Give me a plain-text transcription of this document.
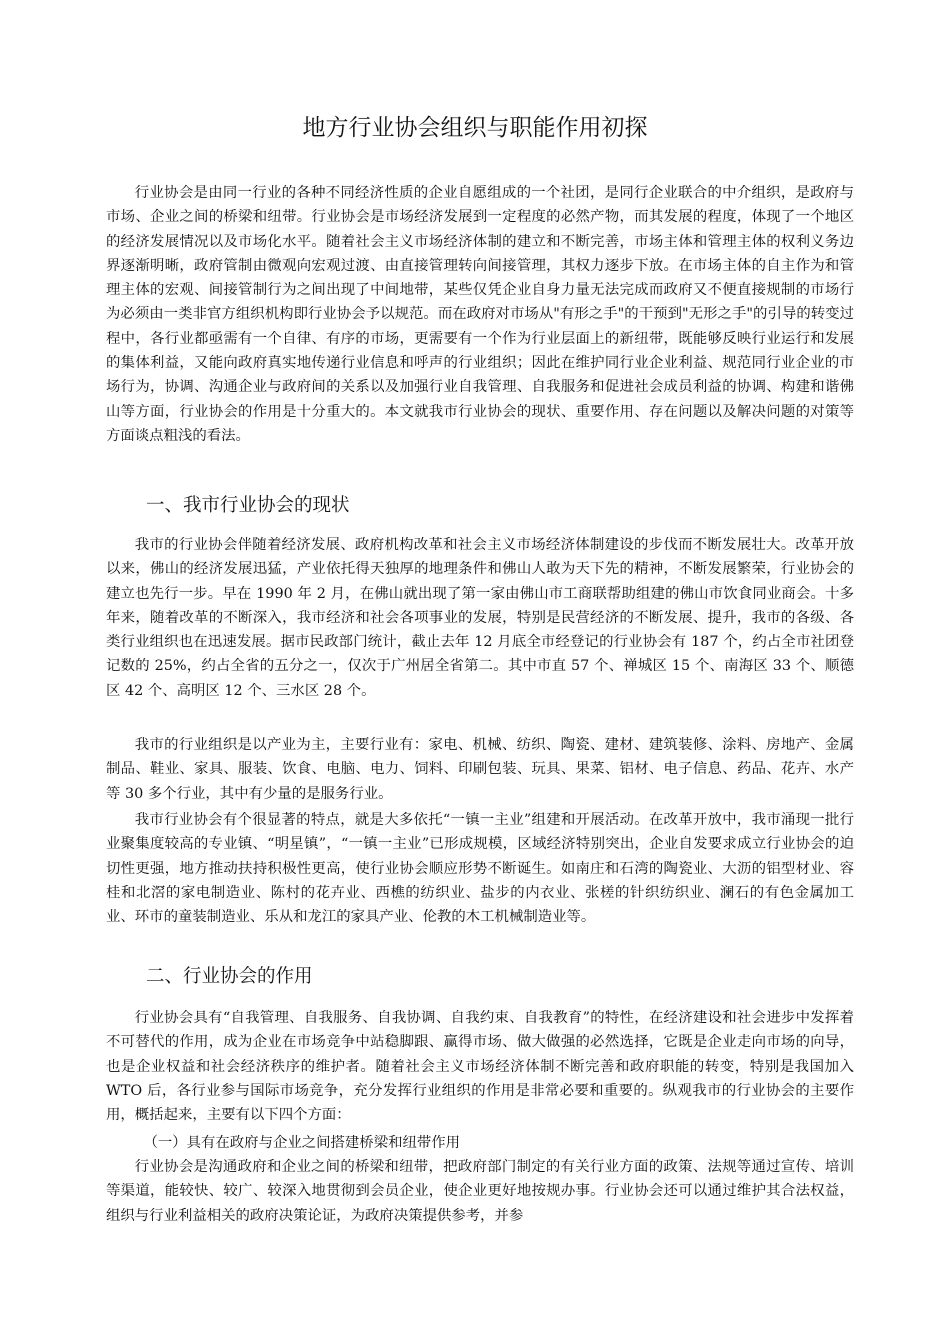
地方行业协会组织与职能作用初探

行业协会是由同一行业的各种不同经济性质的企业自愿组成的一个社团，是同行企业联合的中介组织，是政府与市场、企业之间的桥梁和纽带。行业协会是市场经济发展到一定程度的必然产物，而其发展的程度，体现了一个地区的经济发展情况以及市场化水平。随着社会主义市场经济体制的建立和不断完善，市场主体和管理主体的权利义务边界逐渐明晰，政府管制由微观向宏观过渡、由直接管理转向间接管理，其权力逐步下放。在市场主体的自主作为和管理主体的宏观、间接管制行为之间出现了中间地带，某些仅凭企业自身力量无法完成而政府又不便直接规制的市场行为必须由一类非官方组织机构即行业协会予以规范。而在政府对市场从"有形之手"的干预到"无形之手"的引导的转变过程中，各行业都亟需有一个自律、有序的市场，更需要有一个作为行业层面上的新纽带，既能够反映行业运行和发展的集体利益，又能向政府真实地传递行业信息和呼声的行业组织；因此在维护同行业企业利益、规范同行业企业的市场行为，协调、沟通企业与政府间的关系以及加强行业自我管理、自我服务和促进社会成员利益的协调、构建和谐佛山等方面，行业协会的作用是十分重大的。本文就我市行业协会的现状、重要作用、存在问题以及解决问题的对策等方面谈点粗浅的看法。

一、我市行业协会的现状

我市的行业协会伴随着经济发展、政府机构改革和社会主义市场经济体制建设的步伐而不断发展壮大。改革开放以来，佛山的经济发展迅猛，产业依托得天独厚的地理条件和佛山人敢为天下先的精神，不断发展繁荣，行业协会的建立也先行一步。早在 1990 年 2 月，在佛山就出现了第一家由佛山市工商联帮助组建的佛山市饮食同业商会。十多年来，随着改革的不断深入，我市经济和社会各项事业的发展，特别是民营经济的不断发展、提升，我市的各级、各类行业组织也在迅速发展。据市民政部门统计，截止去年 12 月底全市经登记的行业协会有 187 个，约占全市社团登记数的 25%，约占全省的五分之一，仅次于广州居全省第二。其中市直 57 个、禅城区 15 个、南海区 33 个、顺德区 42 个、高明区 12 个、三水区 28 个。

我市的行业组织是以产业为主，主要行业有：家电、机械、纺织、陶瓷、建材、建筑装修、涂料、房地产、金属制品、鞋业、家具、服装、饮食、电脑、电力、饲料、印刷包装、玩具、果菜、铝材、电子信息、药品、花卉、水产等 30 多个行业，其中有少量的是服务行业。

我市行业协会有个很显著的特点，就是大多依托“一镇一主业”组建和开展活动。在改革开放中，我市涌现一批行业聚集度较高的专业镇、“明星镇”，“一镇一主业”已形成规模，区域经济特别突出，企业自发要求成立行业协会的迫切性更强，地方推动扶持积极性更高，使行业协会顺应形势不断诞生。如南庄和石湾的陶瓷业、大沥的铝型材业、容桂和北滘的家电制造业、陈村的花卉业、西樵的纺织业、盐步的内衣业、张槎的针织纺织业、澜石的有色金属加工业、环市的童装制造业、乐从和龙江的家具产业、伦教的木工机械制造业等。

二、行业协会的作用

行业协会具有“自我管理、自我服务、自我协调、自我约束、自我教育”的特性，在经济建设和社会进步中发挥着不可替代的作用，成为企业在市场竞争中站稳脚跟、赢得市场、做大做强的必然选择，它既是企业走向市场的向导，也是企业权益和社会经济秩序的维护者。随着社会主义市场经济体制不断完善和政府职能的转变，特别是我国加入 WTO 后，各行业参与国际市场竞争，充分发挥行业组织的作用是非常必要和重要的。纵观我市的行业协会的主要作用，概括起来，主要有以下四个方面：

（一）具有在政府与企业之间搭建桥梁和纽带作用

行业协会是沟通政府和企业之间的桥梁和纽带，把政府部门制定的有关行业方面的政策、法规等通过宣传、培训等渠道，能较快、较广、较深入地贯彻到会员企业，使企业更好地按规办事。行业协会还可以通过维护其合法权益，组织与行业利益相关的政府决策论证，为政府决策提供参考，并参
